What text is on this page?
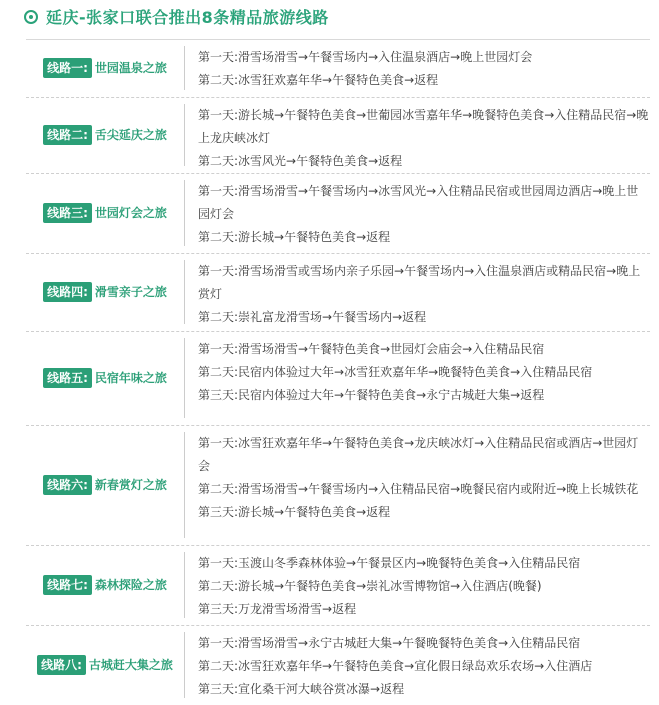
延庆-张家口联合推出8条精品旅游线路
线路一: 世园温泉之旅

第一天:滑雪场滑雪→午餐雪场内→入住温泉酒店→晚上世园灯会

第二天:冰雪狂欢嘉年华→午餐特色美食→返程

线路二: 舌尖延庆之旅

第一天:游长城→午餐特色美食→世葡园冰雪嘉年华→晚餐特色美食→入住精品民宿→晚上龙庆峡冰灯

第二天:冰雪风光→午餐特色美食→返程

线路三: 世园灯会之旅

第一天:滑雪场滑雪→午餐雪场内→冰雪风光→入住精品民宿或世园周边酒店→晚上世园灯会

第二天:游长城→午餐特色美食→返程

线路四: 滑雪亲子之旅

第一天:滑雪场滑雪或雪场内亲子乐园→午餐雪场内→入住温泉酒店或精品民宿→晚上赏灯

第二天:崇礼富龙滑雪场→午餐雪场内→返程

线路五: 民宿年味之旅

第一天:滑雪场滑雪→午餐特色美食→世园灯会庙会→入住精品民宿

第二天:民宿内体验过大年→冰雪狂欢嘉年华→晚餐特色美食→入住精品民宿

第三天:民宿内体验过大年→午餐特色美食→永宁古城赶大集→返程

线路六: 新春赏灯之旅

第一天:冰雪狂欢嘉年华→午餐特色美食→龙庆峡冰灯→入住精品民宿或酒店→世园灯会

第二天:滑雪场滑雪→午餐雪场内→入住精品民宿→晚餐民宿内或附近→晚上长城铁花

第三天:游长城→午餐特色美食→返程

线路七: 森林探险之旅

第一天:玉渡山冬季森林体验→午餐景区内→晚餐特色美食→入住精品民宿

第二天:游长城→午餐特色美食→崇礼冰雪博物馆→入住酒店(晚餐)

第三天:万龙滑雪场滑雪→返程

线路八: 古城赶大集之旅

第一天:滑雪场滑雪→永宁古城赶大集→午餐晚餐特色美食→入住精品民宿

第二天:冰雪狂欢嘉年华→午餐特色美食→宣化假日绿岛欢乐农场→入住酒店

第三天:宣化桑干河大峡谷赏冰瀑→返程
